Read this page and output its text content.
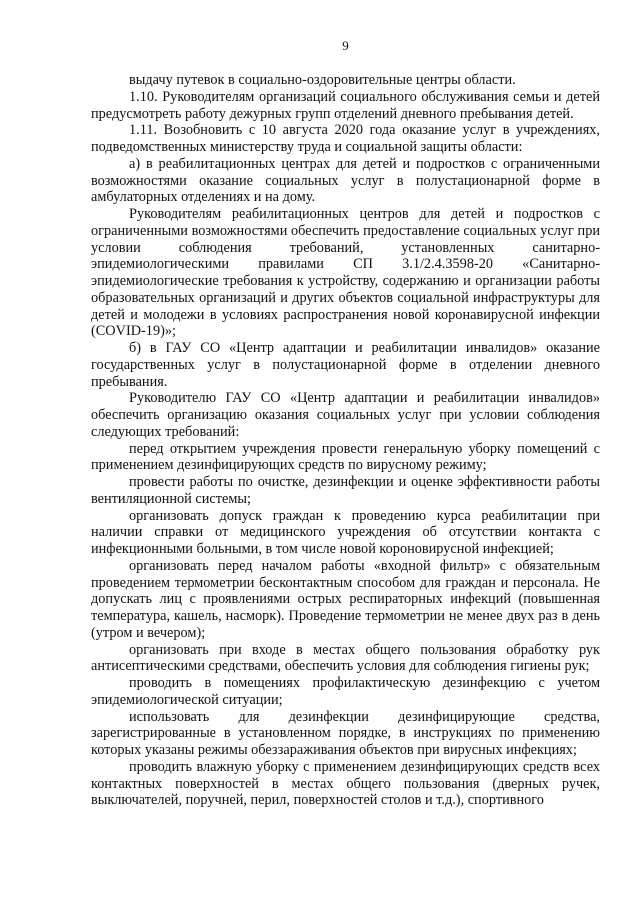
9

выдачу путевок в социально-оздоровительные центры области.

1.10. Руководителям организаций социального обслуживания семьи и детей предусмотреть работу дежурных групп отделений дневного пребывания детей.

1.11. Возобновить с 10 августа 2020 года оказание услуг в учреждениях, подведомственных министерству труда и социальной защиты области:

а) в реабилитационных центрах для детей и подростков с ограниченными возможностями оказание социальных услуг в полустационарной форме в амбулаторных отделениях и на дому.

Руководителям реабилитационных центров для детей и подростков с ограниченными возможностями обеспечить предоставление социальных услуг при условии соблюдения требований, установленных санитарно-эпидемиологическими правилами СП 3.1/2.4.3598-20 «Санитарно-эпидемиологические требования к устройству, содержанию и организации работы образовательных организаций и других объектов социальной инфраструктуры для детей и молодежи в условиях распространения новой коронавирусной инфекции (COVID-19)»;

б) в ГАУ СО «Центр адаптации и реабилитации инвалидов» оказание государственных услуг в полустационарной форме в отделении дневного пребывания.

Руководителю ГАУ СО «Центр адаптации и реабилитации инвалидов» обеспечить организацию оказания социальных услуг при условии соблюдения следующих требований:

перед открытием учреждения провести генеральную уборку помещений с применением дезинфицирующих средств по вирусному режиму;

провести работы по очистке, дезинфекции и оценке эффективности работы вентиляционной системы;

организовать допуск граждан к проведению курса реабилитации при наличии справки от медицинского учреждения об отсутствии контакта с инфекционными больными, в том числе новой короновирусной инфекцией;

организовать перед началом работы «входной фильтр» с обязательным проведением термометрии бесконтактным способом для граждан и персонала. Не допускать лиц с проявлениями острых респираторных инфекций (повышенная температура, кашель, насморк). Проведение термометрии не менее двух раз в день (утром и вечером);

организовать при входе в местах общего пользования обработку рук антисептическими средствами, обеспечить условия для соблюдения гигиены рук;

проводить в помещениях профилактическую дезинфекцию с учетом эпидемиологической ситуации;

использовать для дезинфекции дезинфицирующие средства, зарегистрированные в установленном порядке, в инструкциях по применению которых указаны режимы обеззараживания объектов при вирусных инфекциях;

проводить влажную уборку с применением дезинфицирующих средств всех контактных поверхностей в местах общего пользования (дверных ручек, выключателей, поручней, перил, поверхностей столов и т.д.), спортивного
